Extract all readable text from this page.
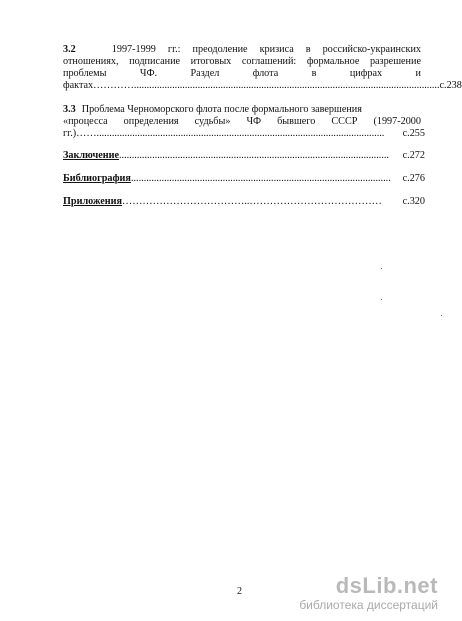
3.2	1997-1999 гг.: преодоление кризиса в российско-украинских
отношениях, подписание итоговых соглашений: формальное разрешение
проблемы	ЧФ.	Раздел	флота	в	цифрах	и
фактах………… ........................................................................................................................ с.238
3.3 Проблема Черноморского флота после формального завершения
«процесса определения судьбы» ЧФ бывшего СССР (1997-2000
гг.)…… .................................................................................................................	с.255
Заключение ..........................................................................................................	с.272
Библиография ......................................................................................................	с.276
Приложения ………………………………..…………………………………	с.320
2	dsLib.net
библиотека диссертаций
